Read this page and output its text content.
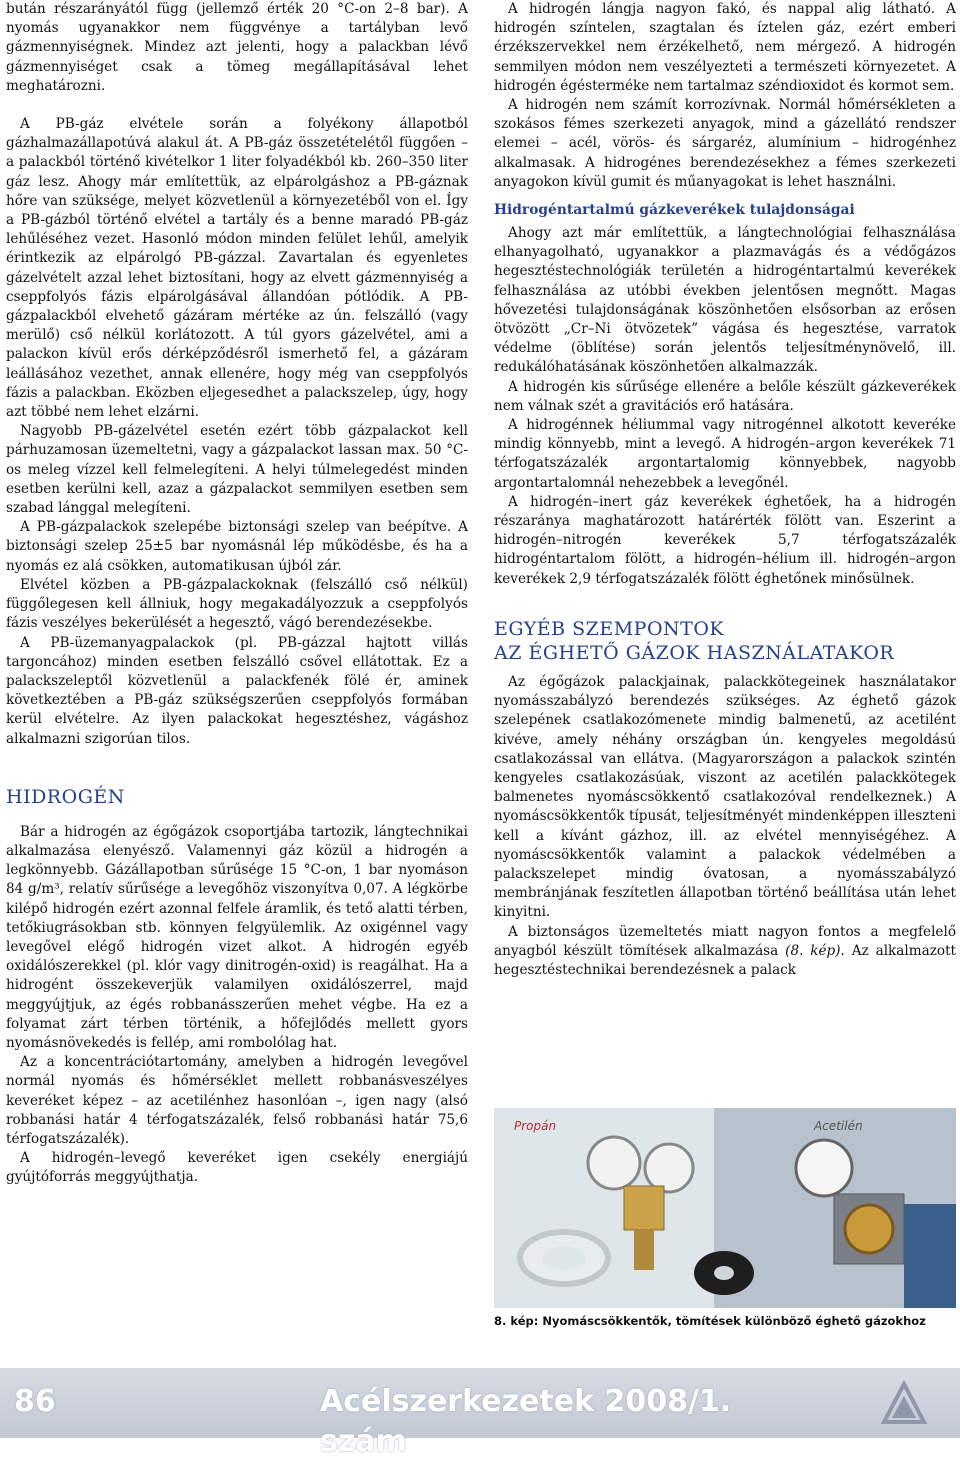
bután részarányától függ (jellemző érték 20 °C-on 2–8 bar). A nyomás ugyanakkor nem függvénye a tartályban levő gázmennyiségnek. Mindez azt jelenti, hogy a palackban lévő gázmennyiséget csak a tömeg megállapításával lehet meghatározni.

A PB-gáz elvétele során a folyékony állapotból gázhalmazállapotúvá alakul át. A PB-gáz összetételétől függően – a palackból történő kivételkor 1 liter folyadékból kb. 260–350 liter gáz lesz. Ahogy már említettük, az elpárolgáshoz a PB-gáznak hőre van szüksége, melyet közvetlenül a környezetéből von el. Így a PB-gázból történő elvétel a tartály és a benne maradó PB-gáz lehűléséhez vezet. Hasonló módon minden felület lehűl, amelyik érintkezik az elpárolgó PB-gázzal. Zavartalan és egyenletes gázelvételt azzal lehet biztosítani, hogy az elvett gázmennyiség a cseppfolyós fázis elpárolgásával állandóan pótlódik. A PB-gázpalackból elvehető gázáram mértéke az ún. felszálló (vagy merülő) cső nélkül korlátozott. A túl gyors gázelvétel, ami a palackon kívül erős dérképződésről ismerhető fel, a gázáram leállásához vezethet, annak ellenére, hogy még van cseppfolyós fázis a palackban. Eközben eljegesedhet a palackszelep, úgy, hogy azt többé nem lehet elzárni.

Nagyobb PB-gázelvétel esetén ezért több gázpalackot kell párhuzamosan üzemeltetni, vagy a gázpalackot lassan max. 50 °C-os meleg vízzel kell felmelegíteni. A helyi túlmelegedést minden esetben kerülni kell, azaz a gázpalackot semmilyen esetben sem szabad lánggal melegíteni.

A PB-gázpalackok szelepébe biztonsági szelep van beépítve. A biztonsági szelep 25±5 bar nyomásnál lép működésbe, és ha a nyomás ez alá csökken, automatikusan újból zár.

Elvétel közben a PB-gázpalackoknak (felszálló cső nélkül) függőlegesen kell állniuk, hogy megakadályozzuk a cseppfolyós fázis veszélyes bekerülését a hegesztő, vágó berendezésekbe.

A PB-üzemanyagpalackok (pl. PB-gázzal hajtott villás targoncához) minden esetben felszálló csővel ellátottak. Ez a palackszeleptől közvetlenül a palackfenék fölé ér, aminek következtében a PB-gáz szükségszerűen cseppfolyós formában kerül elvételre. Az ilyen palackokat hegesztéshez, vágáshoz alkalmazni szigorúan tilos.

HIDROGÉN

Bár a hidrogén az égőgázok csoportjába tartozik, lángtechnikai alkalmazása elenyésző. Valamennyi gáz közül a hidrogén a legkönnyebb. Gázállapotban sűrűsége 15 °C-on, 1 bar nyomáson 84 g/m³, relatív sűrűsége a levegőhöz viszonyítva 0,07. A légkörbe kilépő hidrogén ezért azonnal felfele áramlik, és tető alatti térben, tetőkiugrásokban stb. könnyen felgyülemlik. Az oxigénnel vagy levegővel elégő hidrogén vizet alkot. A hidrogén egyéb oxidálószerekkel (pl. klór vagy dinitrogén-oxid) is reagálhat. Ha a hidrogént összekeverjük valamilyen oxidálószerrel, majd meggyújtjuk, az égés robbanásszerűen mehet végbe. Ha ez a folyamat zárt térben történik, a hőfejlődés mellett gyors nyomásnövekedés is fellép, ami rombolólag hat.

Az a koncentrációtartomány, amelyben a hidrogén levegővel normál nyomás és hőmérséklet mellett robbanásveszélyes keveréket képez – az acetilénhez hasonlóan –, igen nagy (alsó robbanási határ 4 térfogatszázalék, felső robbanási határ 75,6 térfogatszázalék).

A hidrogén–levegő keveréket igen csekély energiájú gyújtóforrás meggyújthatja.

A hidrogén lángja nagyon fakó, és nappal alig látható. A hidrogén színtelen, szagtalan és íztelen gáz, ezért emberi érzékszervekkel nem érzékelhető, nem mérgező. A hidrogén semmilyen módon nem veszélyezteti a természeti környezetet. A hidrogén égésterméke nem tartalmaz széndioxidot és kormot sem.

A hidrogén nem számít korrozívnak. Normál hőmérsékleten a szokásos fémes szerkezeti anyagok, mind a gázellátó rendszer elemei – acél, vörös- és sárgaréz, alumínium – hidrogénhez alkalmasak. A hidrogénes berendezésekhez a fémes szerkezeti anyagokon kívül gumit és műanyagokat is lehet használni.

Hidrogéntartalmú gázkeverékek tulajdonságai

Ahogy azt már említettük, a lángtechnológiai felhasználása elhanyagolható, ugyanakkor a plazmavágás és a védőgázos hegesztéstechnológiák területén a hidrogéntartalmú keverékek felhasználása az utóbbi években jelentősen megnőtt. Magas hővezetési tulajdonságának köszönhetően elsősorban az erősen ötvözött „Cr–Ni ötvözetek” vágása és hegesztése, varratok védelme (öblítése) során jelentős teljesítménynövelő, ill. redukálóhatásának köszönhetően alkalmazzák.

A hidrogén kis sűrűsége ellenére a belőle készült gázkeverékek nem válnak szét a gravitációs erő hatására.

A hidrogénnek héliummal vagy nitrogénnel alkotott keveréke mindig könnyebb, mint a levegő. A hidrogén–argon keverékek 71 térfogatszázalék argontartalomig könnyebbek, nagyobb argontartalomnál nehezebbek a levegőnél.

A hidrogén–inert gáz keverékek éghetőek, ha a hidrogén részaránya maghatározott határérték fölött van. Eszerint a hidrogén–nitrogén keverékek 5,7 térfogatszázalék hidrogéntartalom fölött, a hidrogén–hélium ill. hidrogén–argon keverékek 2,9 térfogatszázalék fölött éghetőnek minősülnek.

EGYÉB SZEMPONTOK
AZ ÉGHETŐ GÁZOK HASZNÁLATAKOR

Az égőgázok palackjainak, palackkötegeinek használatakor nyomásszabályzó berendezés szükséges. Az éghető gázok szelepének csatlakozómenete mindig balmenetű, az acetilént kivéve, amely néhány országban ún. kengyeles megoldású csatlakozással van ellátva. (Magyarországon a palackok szintén kengyeles csatlakozásúak, viszont az acetilén palackkötegek balmenetes nyomáscsökkentő csatlakozóval rendelkeznek.) A nyomáscsökkentők típusát, teljesítményét mindenképpen illeszteni kell a kívánt gázhoz, ill. az elvétel mennyiségéhez. A nyomáscsökkentők valamint a palackok védelmében a palackszelepet mindig óvatosan, a nyomásszabályzó membránjának feszítetlen állapotban történő beállítása után lehet kinyitni.

A biztonságos üzemeltetés miatt nagyon fontos a megfelelő anyagból készült tömítések alkalmazása (8. kép). Az alkalmazott hegesztéstechnikai berendezésnek a palack

Propán	Acetilén
8. kép: Nyomáscsökkentők, tömítések különböző éghető gázokhoz
86	Acélszerkezetek 2008/1. szám
